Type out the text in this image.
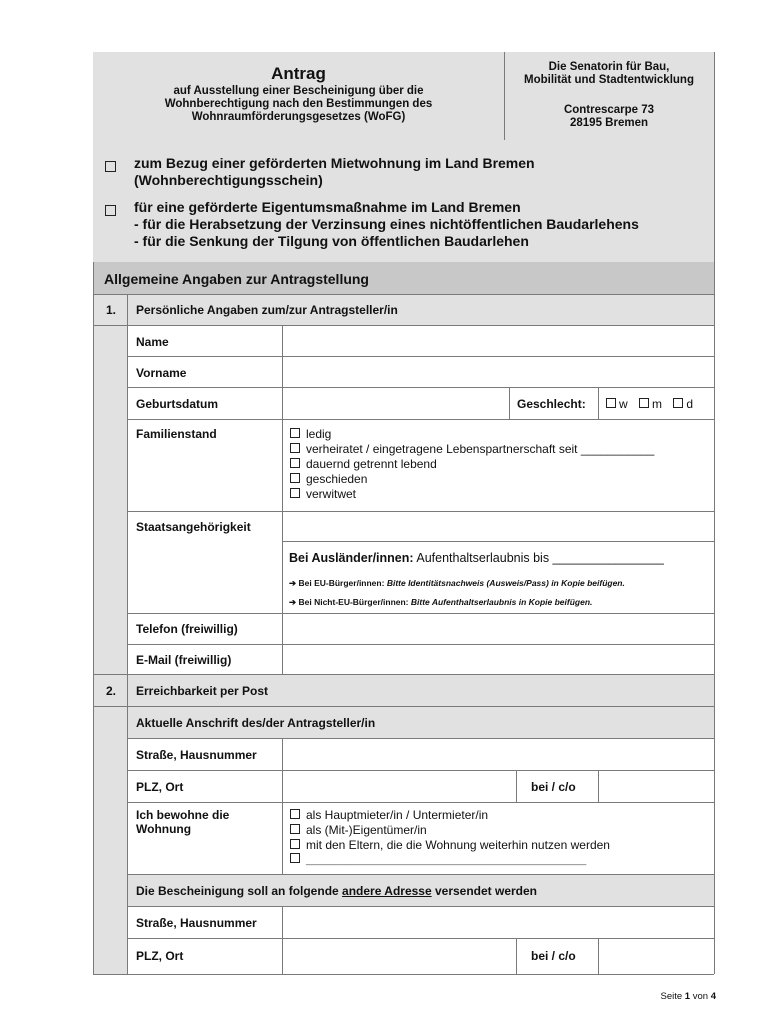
Antrag
auf Ausstellung einer Bescheinigung über die
Wohnberechtigung nach den Bestimmungen des
Wohnraumförderungsgesetzes (WoFG)
Die Senatorin für Bau,
Mobilität und Stadtentwicklung
Contrescarpe 73
28195 Bremen
zum Bezug einer geförderten Mietwohnung im Land Bremen
(Wohnberechtigungsschein)
für eine geförderte Eigentumsmaßnahme im Land Bremen
- für die Herabsetzung der Verzinsung eines nichtöffentlichen Baudarlehens
- für die Senkung der Tilgung von öffentlichen Baudarlehen
Allgemeine Angaben zur Antragstellung
1. Persönliche Angaben zum/zur Antragsteller/in
Name
Vorname
Geburtsdatum	Geschlecht:	w m d
Familienstand	ledig
verheiratet / eingetragene Lebenspartnerschaft seit ___________
dauernd getrennt lebend
geschieden
verwitwet
Staatsangehörigkeit
Bei Ausländer/innen: Aufenthaltserlaubnis bis ________________
➔ Bei EU-Bürger/innen: Bitte Identitätsnachweis (Ausweis/Pass) in Kopie beifügen.
➔ Bei Nicht-EU-Bürger/innen: Bitte Aufenthaltserlaubnis in Kopie beifügen.
Telefon (freiwillig)
E-Mail (freiwillig)
2. Erreichbarkeit per Post
Aktuelle Anschrift des/der Antragsteller/in
Straße, Hausnummer
PLZ, Ort	bei / c/o
Ich bewohne die
Wohnung
als Hauptmieter/in / Untermieter/in
als (Mit-)Eigentümer/in
mit den Eltern, die die Wohnung weiterhin nutzen werden
________________________________________________________
Die Bescheinigung soll an folgende andere Adresse versendet werden
Straße, Hausnummer
PLZ, Ort	bei / c/o
Seite 1 von 4
